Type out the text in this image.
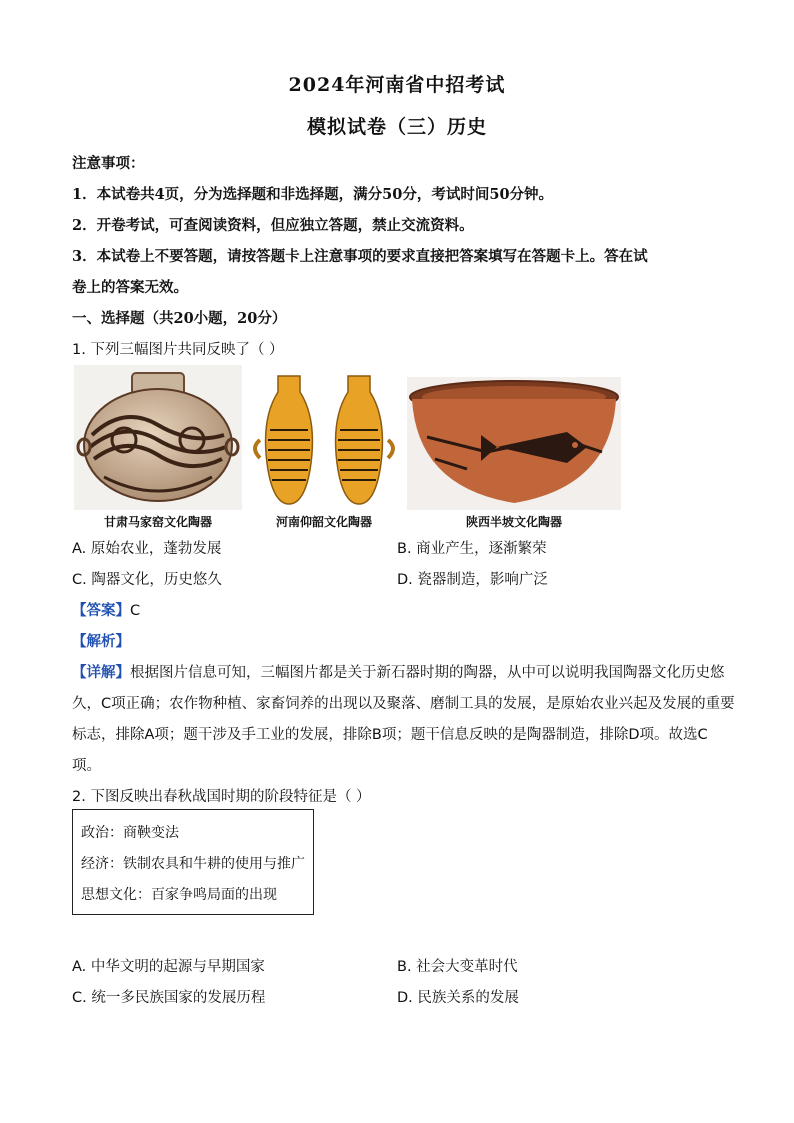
2024年河南省中招考试
模拟试卷（三）历史
注意事项：
1．本试卷共4页，分为选择题和非选择题，满分50分，考试时间50分钟。
2．开卷考试，可查阅读资料，但应独立答题，禁止交流资料。
3．本试卷上不要答题，请按答题卡上注意事项的要求直接把答案填写在答题卡上。答在试
卷上的答案无效。
一、选择题（共20小题，20分）
1. 下列三幅图片共同反映了（ ）
甘肃马家窑文化陶器	河南仰韶文化陶器	陕西半坡文化陶器
A. 原始农业，蓬勃发展	B. 商业产生，逐渐繁荣
C. 陶器文化，历史悠久	D. 瓷器制造，影响广泛
【答案】C
【解析】
【详解】根据图片信息可知，三幅图片都是关于新石器时期的陶器，从中可以说明我国陶器文化历史悠
久，C项正确；农作物种植、家畜饲养的出现以及聚落、磨制工具的发展，是原始农业兴起及发展的重要
标志，排除A项；题干涉及手工业的发展，排除B项；题干信息反映的是陶器制造，排除D项。故选C
项。
2. 下图反映出春秋战国时期的阶段特征是（ ）
政治：商鞅变法
经济：铁制农具和牛耕的使用与推广
思想文化：百家争鸣局面的出现
A. 中华文明的起源与早期国家	B. 社会大变革时代
C. 统一多民族国家的发展历程	D. 民族关系的发展
